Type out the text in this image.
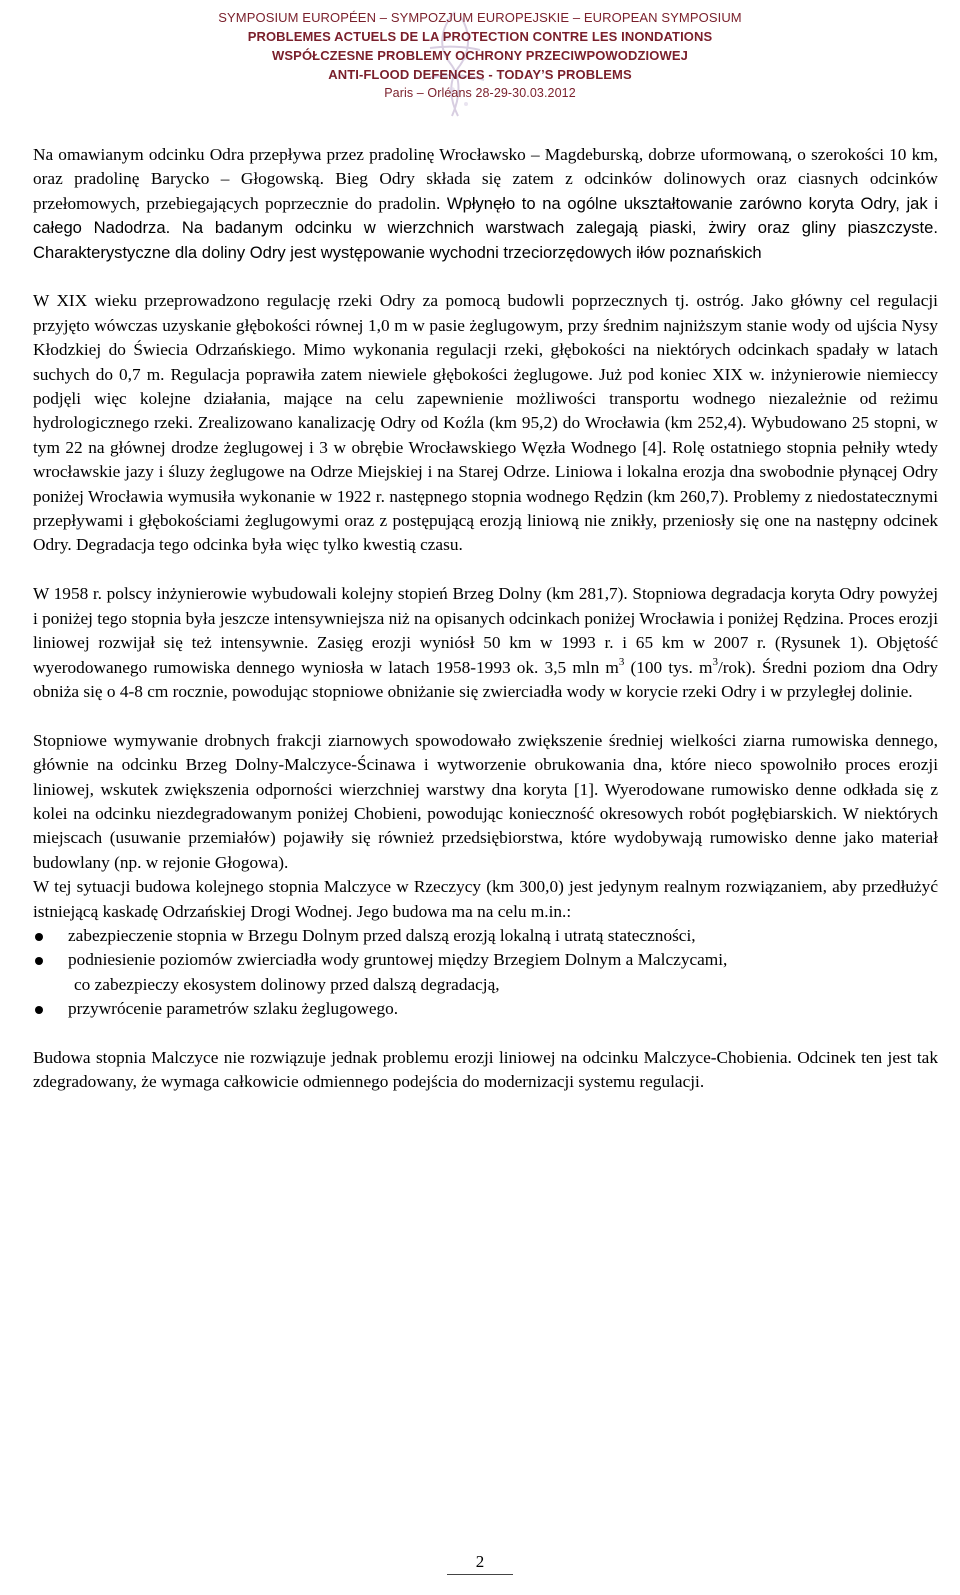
SYMPOSIUM EUROPÉEN – SYMPOZJUM EUROPEJSKIE – EUROPEAN SYMPOSIUM
PROBLEMES ACTUELS DE LA PROTECTION CONTRE LES INONDATIONS
WSPÓŁCZESNE PROBLEMY OCHRONY PRZECIWPOWODZIOWEJ
ANTI-FLOOD DEFENCES - TODAY’S PROBLEMS
Paris – Orléans 28-29-30.03.2012

Na omawianym odcinku Odra przepływa przez pradolinę Wrocławsko – Magdeburską, dobrze uformowaną, o szerokości 10 km, oraz pradolinę Barycko – Głogowską. Bieg Odry składa się zatem z odcinków dolinowych oraz ciasnych odcinków przełomowych, przebiegających poprzecznie do pradolin. Wpłynęło to na ogólne ukształtowanie zarówno koryta Odry, jak i całego Nadodrza. Na badanym odcinku w wierzchnich warstwach zalegają piaski, żwiry oraz gliny piaszczyste. Charakterystyczne dla doliny Odry jest występowanie wychodni trzeciorzędowych iłów poznańskich

W XIX wieku przeprowadzono regulację rzeki Odry za pomocą budowli poprzecznych tj. ostróg. Jako główny cel regulacji przyjęto wówczas uzyskanie głębokości równej 1,0 m w pasie żeglugowym, przy średnim najniższym stanie wody od ujścia Nysy Kłodzkiej do Świecia Odrzańskiego. Mimo wykonania regulacji rzeki, głębokości na niektórych odcinkach spadały w latach suchych do 0,7 m. Regulacja poprawiła zatem niewiele głębokości żeglugowe. Już pod koniec XIX w. inżynierowie niemieccy podjęli więc kolejne działania, mające na celu zapewnienie możliwości transportu wodnego niezależnie od reżimu hydrologicznego rzeki. Zrealizowano kanalizację Odry od Koźla (km 95,2) do Wrocławia (km 252,4). Wybudowano 25 stopni, w tym 22 na głównej drodze żeglugowej i 3 w obrębie Wrocławskiego Węzła Wodnego [4]. Rolę ostatniego stopnia pełniły wtedy wrocławskie jazy i śluzy żeglugowe na Odrze Miejskiej i na Starej Odrze. Liniowa i lokalna erozja dna swobodnie płynącej Odry poniżej Wrocławia wymusiła wykonanie w 1922 r. następnego stopnia wodnego Rędzin (km 260,7). Problemy z niedostatecznymi przepływami i głębokościami żeglugowymi oraz z postępującą erozją liniową nie znikły, przeniosły się one na następny odcinek Odry. Degradacja tego odcinka była więc tylko kwestią czasu.

W 1958 r. polscy inżynierowie wybudowali kolejny stopień Brzeg Dolny (km 281,7). Stopniowa degradacja koryta Odry powyżej i poniżej tego stopnia była jeszcze intensywniejsza niż na opisanych odcinkach poniżej Wrocławia i poniżej Rędzina. Proces erozji liniowej rozwijał się też intensywnie. Zasięg erozji wyniósł 50 km w 1993 r. i 65 km w 2007 r. (Rysunek 1). Objętość wyerodowanego rumowiska dennego wyniosła w latach 1958-1993 ok. 3,5 mln $m^3$ (100 tys. $m^3/rok$). Średni poziom dna Odry obniża się o 4-8 cm rocznie, powodując stopniowe obniżanie się zwierciadła wody w korycie rzeki Odry i w przyległej dolinie.

Stopniowe wymywanie drobnych frakcji ziarnowych spowodowało zwiększenie średniej wielkości ziarna rumowiska dennego, głównie na odcinku Brzeg Dolny-Malczyce-Ścinawa i wytworzenie obrukowania dna, które nieco spowolniło proces erozji liniowej, wskutek zwiększenia odporności wierzchniej warstwy dna koryta [1]. Wyerodowane rumowisko denne odkłada się z kolei na odcinku niezdegradowanym poniżej Chobieni, powodując konieczność okresowych robót pogłębiarskich. W niektórych miejscach (usuwanie przemiałów) pojawiły się również przedsiębiorstwa, które wydobywają rumowisko denne jako materiał budowlany (np. w rejonie Głogowa).

W tej sytuacji budowa kolejnego stopnia Malczyce w Rzeczycy (km 300,0) jest jedynym realnym rozwiązaniem, aby przedłużyć istniejącą kaskadę Odrzańskiej Drogi Wodnej. Jego budowa ma na celu m.in.:

zabezpieczenie stopnia w Brzegu Dolnym przed dalszą erozją lokalną i utratą stateczności,
podniesienie poziomów zwierciadła wody gruntowej między Brzegiem Dolnym a Malczycami,
co zabezpieczy ekosystem dolinowy przed dalszą degradacją,
przywrócenie parametrów szlaku żeglugowego.

Budowa stopnia Malczyce nie rozwiązuje jednak problemu erozji liniowej na odcinku Malczyce-Chobienia. Odcinek ten jest tak zdegradowany, że wymaga całkowicie odmiennego podejścia do modernizacji systemu regulacji.

2
